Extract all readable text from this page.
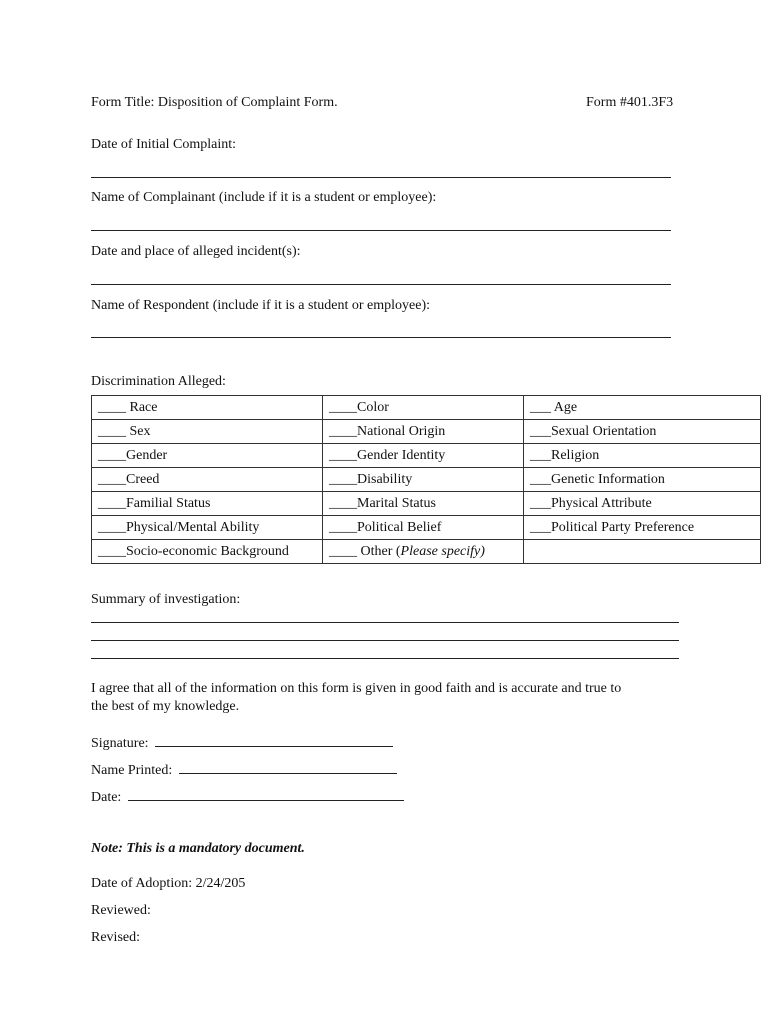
Form Title: Disposition of Complaint Form.	Form #401.3F3
Date of Initial Complaint:
Name of Complainant (include if it is a student or employee):
Date and place of alleged incident(s):
Name of Respondent (include if it is a student or employee):
Discrimination Alleged:
____ Race	____Color	___ Age
____ Sex	____National Origin	___Sexual Orientation
____Gender	____Gender Identity	___Religion
____Creed	____Disability	___Genetic Information
____Familial Status	____Marital Status	___Physical Attribute
____Physical/Mental Ability	____Political Belief	___Political Party Preference
____Socio-economic Background	____ Other (Please specify)	
Summary of investigation:
I agree that all of the information on this form is given in good faith and is accurate and true to
the best of my knowledge.
Signature:
Name Printed:
Date:
Note: This is a mandatory document.
Date of Adoption: 2/24/205
Reviewed:
Revised:
